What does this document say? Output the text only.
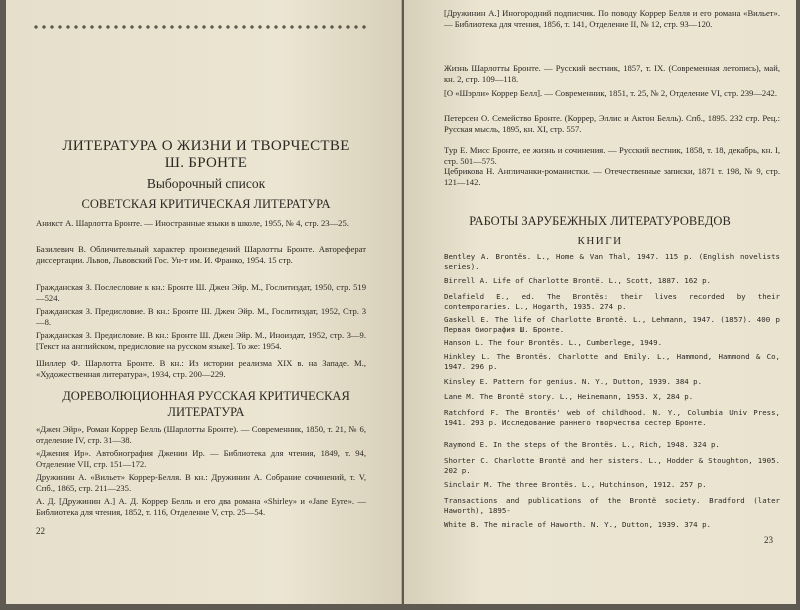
ЛИТЕРАТУРА О ЖИЗНИ И ТВОРЧЕСТВЕ
Ш. БРОНТЕ
Выборочный список
СОВЕТСКАЯ КРИТИЧЕСКАЯ ЛИТЕРАТУРА
Аникст А. Шарлотта Бронте. — Иностранные языки в школе, 1955, № 4, стр. 23—25.
Базилевич В. Обличительный характер произведений Шарлотты Бронте. Автореферат диссертации. Львов, Львовский Гос. Ун-т им. И. Франко, 1954. 15 стр.
Гражданская З. Послесловие к кн.: Бронте Ш. Джен Эйр. М., Гослитиздат, 1950, стр. 519—524.
Гражданская З. Предисловие. В кн.: Бронте Ш. Джен Эйр. М., Гослитиздат, 1952, Стр. 3—8.
Гражданская З. Предисловие. В кн.: Бронте Ш. Джен Эйр. М., Иноиздат, 1952, стр. 3—9. [Текст на английском, предисловие на русском языке]. То же: 1954.
Шиллер Ф. Шарлотта Бронте. В кн.: Из истории реализма XIX в. на Западе. М., «Художественная литература», 1934, стр. 200—229.
ДОРЕВОЛЮЦИОННАЯ РУССКАЯ КРИТИЧЕСКАЯ
ЛИТЕРАТУРА
«Джен Эйр», Роман Коррер Белль (Шарлотты Бронте). — Современник, 1850, т. 21, № 6, отделение IV, стр. 31—38.
«Джения Ир». Автобиография Джении Ир. — Библиотека для чтения, 1849, т. 94, Отделение VII, стр. 151—172.
Дружинин А. «Вильет» Коррер-Белля. В кн.: Дружинин А. Собрание сочинений, т. V, Спб., 1865, стр. 211—235.
А. Д. [Дружинин А.] А. Д. Коррер Белль и его два романа «Shirley» и «Jane Eyre». — Библиотека для чтения, 1852, т. 116, Отделение V, стр. 25—54.
22
[Дружинин А.] Иногородний подписчик. По поводу Коррер Белля и его романа «Вильет». — Библиотека для чтения, 1856, т. 141, Отделение II, № 12, стр. 93—120.
Жизнь Шарлотты Бронте. — Русский вестник, 1857, т. IX. (Современная летопись), май, кн. 2, стр. 109—118.
[О «Шэрли» Коррер Белл]. — Современник, 1851, т. 25, № 2, Отделение VI, стр. 239—242.
Петерсен О. Семейство Бронте. (Коррер, Эллис и Актон Белль). Спб., 1895. 232 стр. Рец.: Русская мысль, 1895, кн. XI, стр. 557.
Тур Е. Мисс Бронте, ее жизнь и сочинения. — Русский вестник, 1858, т. 18, декабрь, кн. I, стр. 501—575.
Цебрикова Н. Англичанки-романистки. — Отечественные записки, 1871 т. 198, № 9, стр. 121—142.
РАБОТЫ ЗАРУБЕЖНЫХ ЛИТЕРАТУРОВЕДОВ
КНИГИ
Bentley A. Brontës. L., Home & Van Thal, 1947. 115 p. (English novelists series).
Birrell A. Life of Charlotte Brontë. L., Scott, 1887. 162 p.
Delafield E., ed. The Brontës: their lives recorded by their contemporaries. L., Hogarth, 1935. 274 p.
Gaskell E. The life of Charlotte Brontë. L., Lehmann, 1947. (1857). 400 p Первая биография Ш. Бронте.
Hanson L. The four Brontës. L., Cumberlege, 1949.
Hinkley L. The Brontës. Charlotte and Emily. L., Hammond, Hammond & Co, 1947. 296 p.
Kinsley E. Pattern for genius. N. Y., Dutton, 1939. 384 p.
Lane M. The Brontë story. L., Heinemann, 1953. X, 284 p.
Ratchford F. The Brontës' web of childhood. N. Y., Columbia Univ Press, 1941. 293 p. Исследование раннего творчества сестер Бронте.
Raymond E. In the steps of the Brontës. L., Rich, 1948. 324 p.
Shorter C. Charlotte Brontë and her sisters. L., Hodder & Stoughton, 1905. 202 p.
Sinclair M. The three Brontës. L., Hutchinson, 1912. 257 p.
Transactions and publications of the Brontë society. Bradford (later Haworth), 1895-
White B. The miracle of Haworth. N. Y., Dutton, 1939. 374 p.
23
